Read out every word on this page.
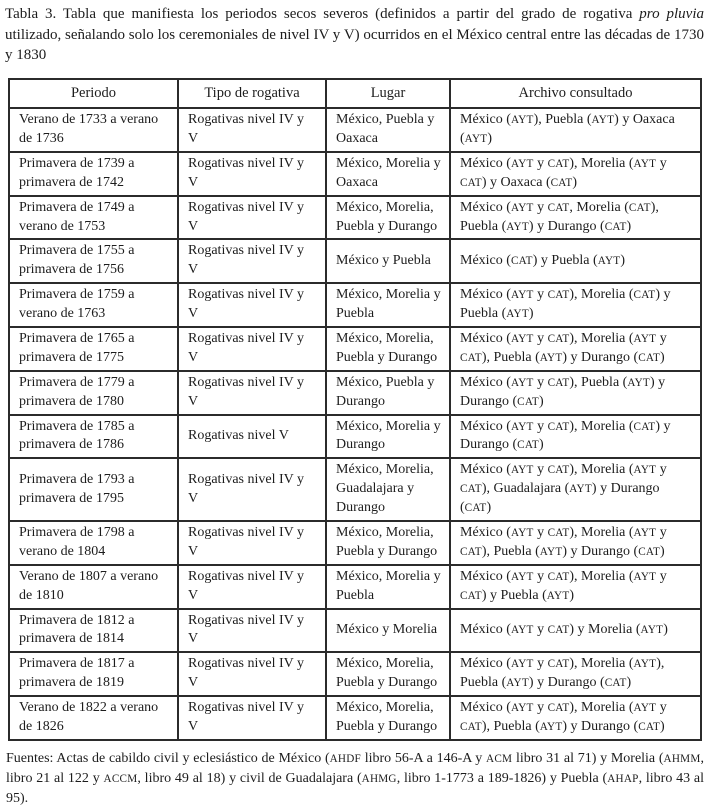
Tabla 3. Tabla que manifiesta los periodos secos severos (definidos a partir del grado de rogativa pro pluvia utilizado, señalando solo los ceremoniales de nivel IV y V) ocurridos en el México central entre las décadas de 1730 y 1830

Periodo	Tipo de rogativa	Lugar	Archivo consultado
Verano de 1733 a verano de 1736	Rogativas nivel IV y V	México, Puebla y Oaxaca	México (AYT), Puebla (AYT) y Oaxaca (AYT)
Primavera de 1739 a primavera de 1742	Rogativas nivel IV y V	México, Morelia y Oaxaca	México (AYT y CAT), Morelia (AYT y CAT) y Oaxaca (CAT)
Primavera de 1749 a verano de 1753	Rogativas nivel IV y V	México, Morelia, Puebla y Durango	México (AYT y CAT, Morelia (CAT), Puebla (AYT) y Durango (CAT)
Primavera de 1755 a primavera de 1756	Rogativas nivel IV y V	México y Puebla	México (CAT) y Puebla (AYT)
Primavera de 1759 a verano de 1763	Rogativas nivel IV y V	México, Morelia y Puebla	México (AYT y CAT), Morelia (CAT) y Puebla (AYT)
Primavera de 1765 a primavera de 1775	Rogativas nivel IV y V	México, Morelia, Puebla y Durango	México (AYT y CAT), Morelia (AYT y CAT), Puebla (AYT) y Durango (CAT)
Primavera de 1779 a primavera de 1780	Rogativas nivel IV y V	México, Puebla y Durango	México (AYT y CAT), Puebla (AYT) y Durango (CAT)
Primavera de 1785 a primavera de 1786	Rogativas nivel V	México, Morelia y Durango	México (AYT y CAT), Morelia (CAT) y Durango (CAT)
Primavera de 1793 a primavera de 1795	Rogativas nivel IV y V	México, Morelia, Guadalajara y Durango	México (AYT y CAT), Morelia (AYT y CAT), Guadalajara (AYT) y Durango (CAT)
Primavera de 1798 a verano de 1804	Rogativas nivel IV y V	México, Morelia, Puebla y Durango	México (AYT y CAT), Morelia (AYT y CAT), Puebla (AYT) y Durango (CAT)
Verano de 1807 a verano de 1810	Rogativas nivel IV y V	México, Morelia y Puebla	México (AYT y CAT), Morelia (AYT y CAT) y Puebla (AYT)
Primavera de 1812 a primavera de 1814	Rogativas nivel IV y V	México y Morelia	México (AYT y CAT) y Morelia (AYT)
Primavera de 1817 a primavera de 1819	Rogativas nivel IV y V	México, Morelia, Puebla y Durango	México (AYT y CAT), Morelia (AYT), Puebla (AYT) y Durango (CAT)
Verano de 1822 a verano de 1826	Rogativas nivel IV y V	México, Morelia, Puebla y Durango	México (AYT y CAT), Morelia (AYT y CAT), Puebla (AYT) y Durango (CAT)

Fuentes: Actas de cabildo civil y eclesiástico de México (AHDF libro 56-A a 146-A y ACM libro 31 al 71) y Morelia (AHMM, libro 21 al 122 y ACCM, libro 49 al 18) y civil de Guadalajara (AHMG, libro 1-1773 a 189-1826) y Puebla (AHAP, libro 43 al 95).
